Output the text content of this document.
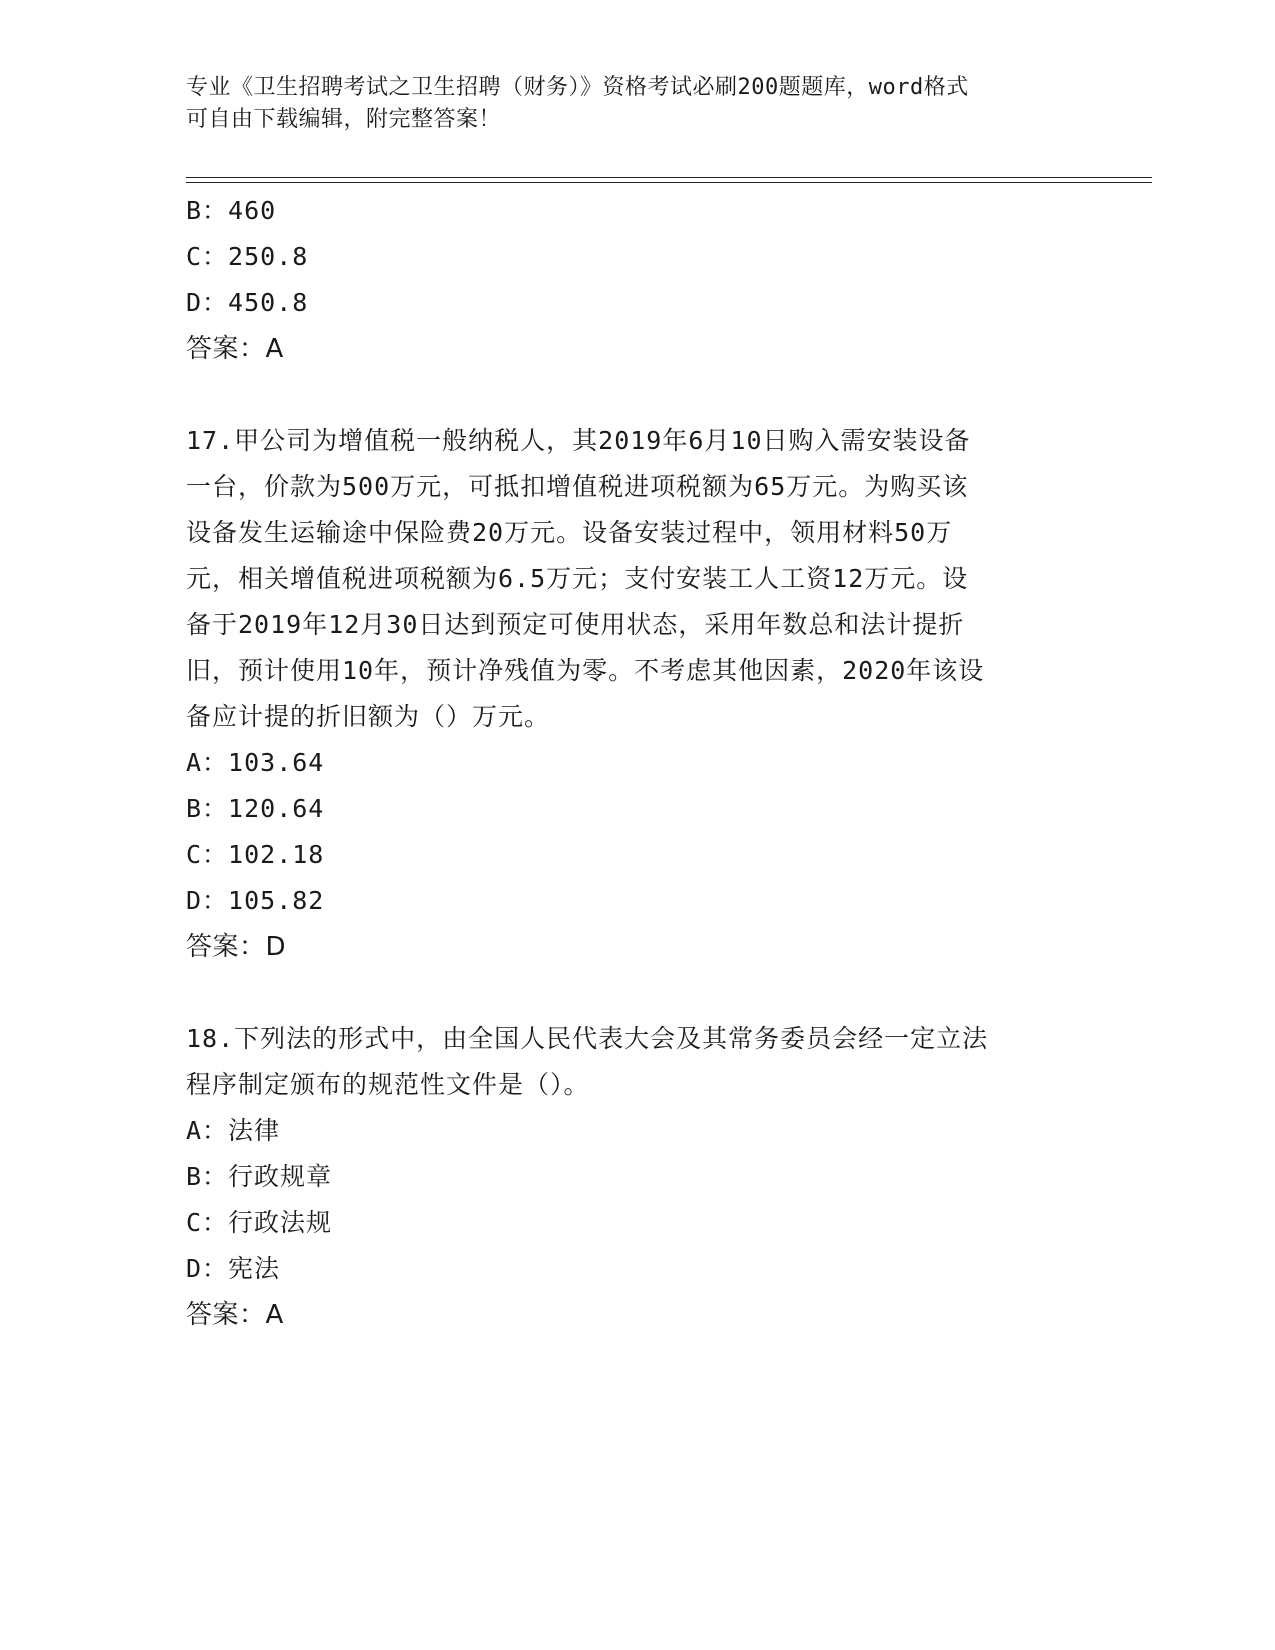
专业《卫生招聘考试之卫生招聘（财务）》资格考试必刷200题题库，word格式
可自由下载编辑，附完整答案！
B：460
C：250.8
D：450.8
答案：A
17.甲公司为增值税一般纳税人，其2019年6月10日购入需安装设备
一台，价款为500万元，可抵扣增值税进项税额为65万元。为购买该
设备发生运输途中保险费20万元。设备安装过程中，领用材料50万
元，相关增值税进项税额为6.5万元；支付安装工人工资12万元。设
备于2019年12月30日达到预定可使用状态，采用年数总和法计提折
旧，预计使用10年，预计净残值为零。不考虑其他因素，2020年该设
备应计提的折旧额为（）万元。
A：103.64
B：120.64
C：102.18
D：105.82
答案：D
18.下列法的形式中，由全国人民代表大会及其常务委员会经一定立法
程序制定颁布的规范性文件是（）。
A：法律
B：行政规章
C：行政法规
D：宪法
答案：A
